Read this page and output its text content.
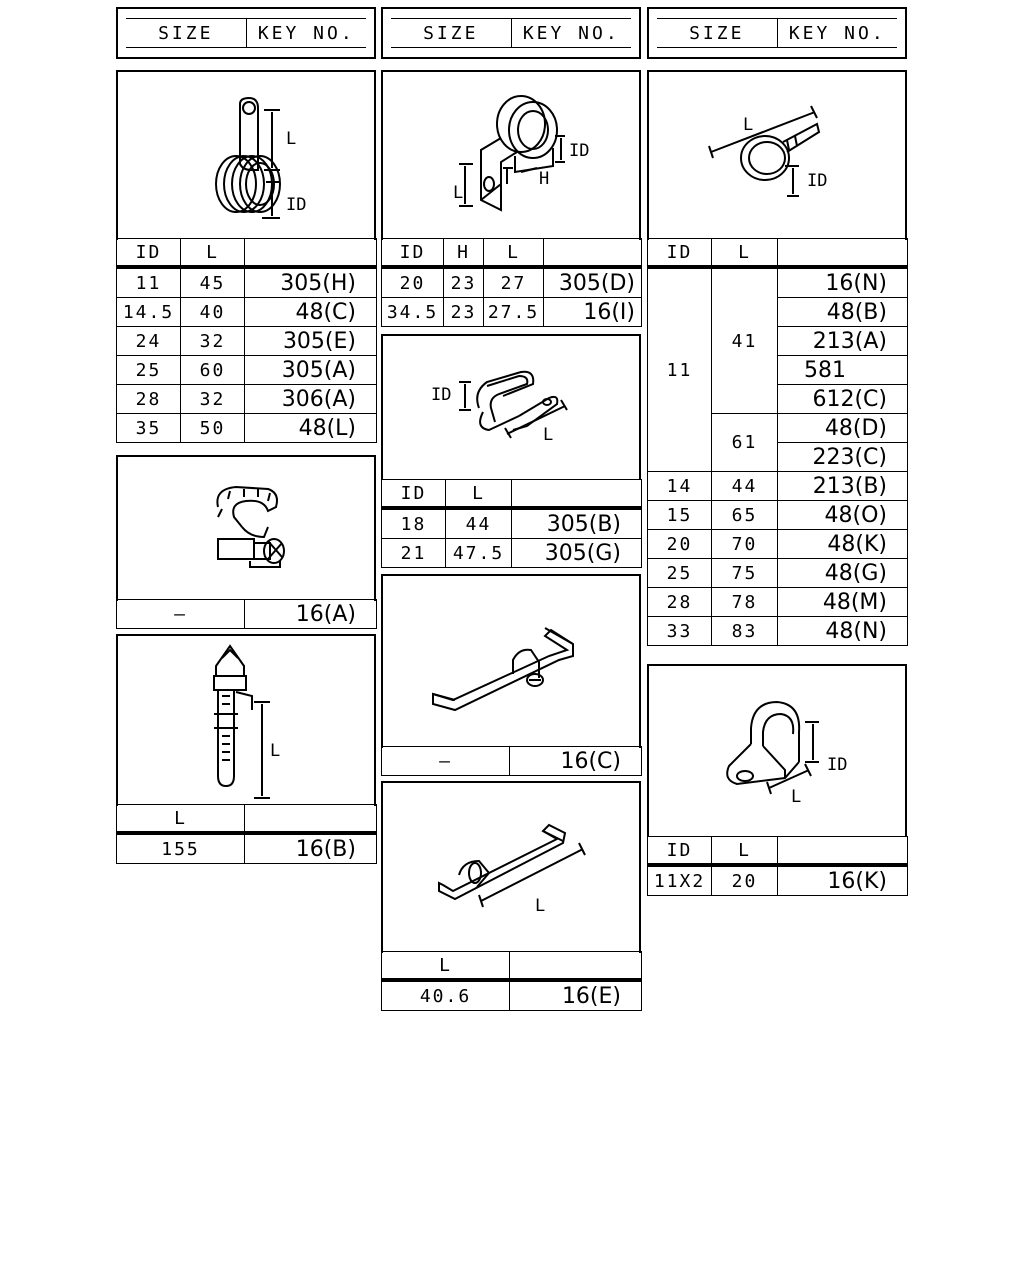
SIZE	KEY NO.	SIZE	KEY NO.	SIZE	KEY NO.
L
ID
ID	L	
11	45	305(H)
14.5	40	48(C)
24	32	305(E)
25	60	305(A)
28	32	306(A)
35	50	48(L)
—	16(A)
L
L	
155	16(B)
ID
H
L
ID	H	L	
20	23	27	305(D)
34.5	23	27.5	16(I)
ID
L
ID	L	
18	44	305(B)
21	47.5	305(G)
—	16(C)
L
L	
40.6	16(E)
L
ID
ID	L	
11	41	16(N)
		48(B)
		213(A)
		581
		612(C)
	61	48(D)
		223(C)
14	44	213(B)
15	65	48(O)
20	70	48(K)
25	75	48(G)
28	78	48(M)
33	83	48(N)
ID
L
ID	L	
11X2	20	16(K)
